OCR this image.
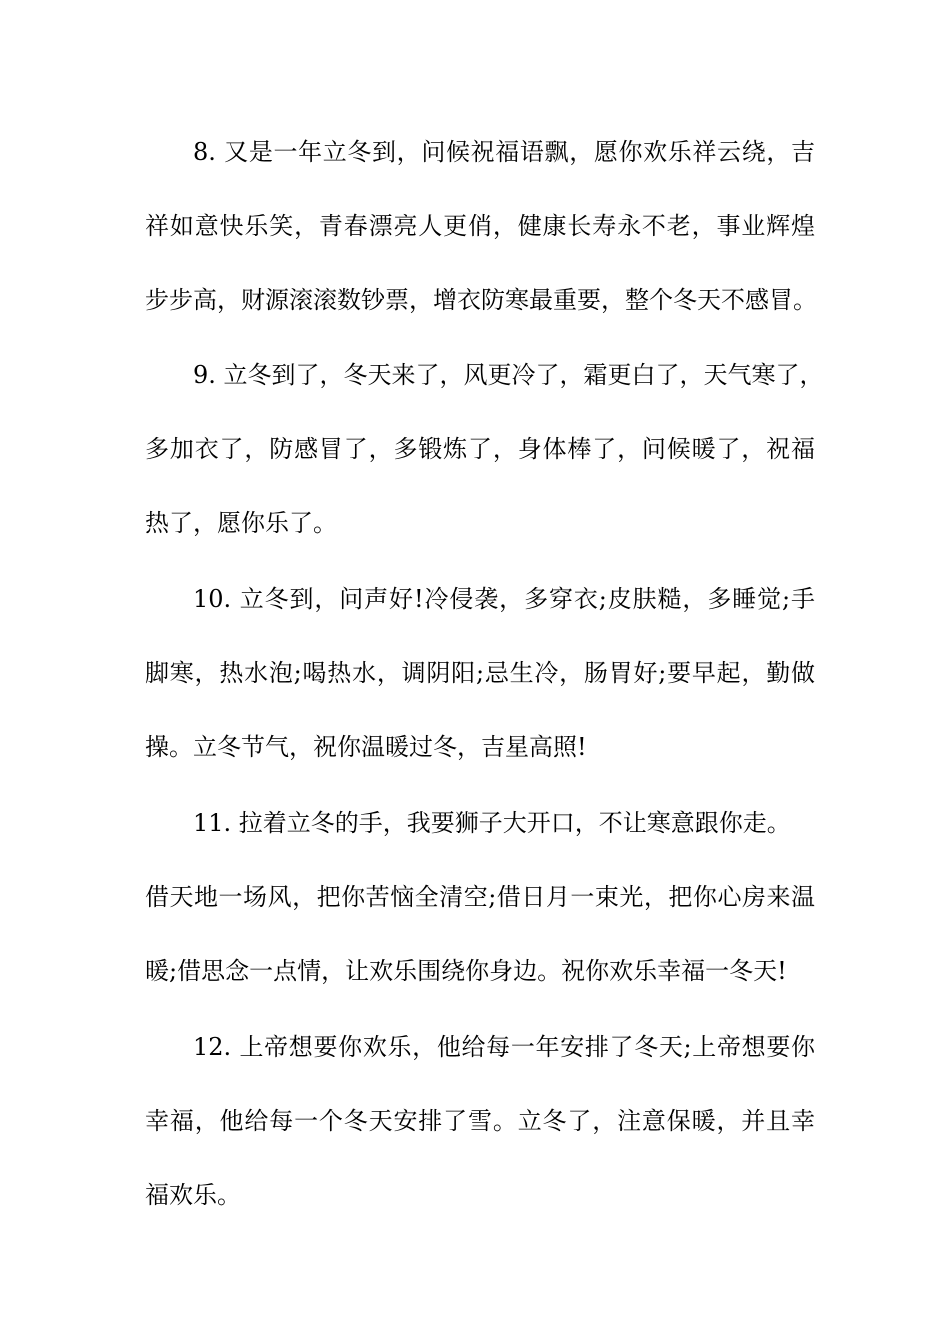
8. 又是一年立冬到，问候祝福语飘，愿你欢乐祥云绕，吉
祥如意快乐笑，青春漂亮人更俏，健康长寿永不老，事业辉煌
步步高，财源滚滚数钞票，增衣防寒最重要，整个冬天不感冒。
9. 立冬到了，冬天来了，风更冷了，霜更白了，天气寒了，
多加衣了，防感冒了，多锻炼了，身体棒了，问候暖了，祝福
热了，愿你乐了。
10. 立冬到，问声好!冷侵袭，多穿衣;皮肤糙，多睡觉;手
脚寒，热水泡;喝热水，调阴阳;忌生冷，肠胃好;要早起，勤做
操。立冬节气，祝你温暖过冬，吉星高照!
11. 拉着立冬的手，我要狮子大开口，不让寒意跟你走。
借天地一场风，把你苦恼全清空;借日月一束光，把你心房来温
暖;借思念一点情，让欢乐围绕你身边。祝你欢乐幸福一冬天!
12. 上帝想要你欢乐，他给每一年安排了冬天;上帝想要你
幸福，他给每一个冬天安排了雪。立冬了，注意保暖，并且幸
福欢乐。
